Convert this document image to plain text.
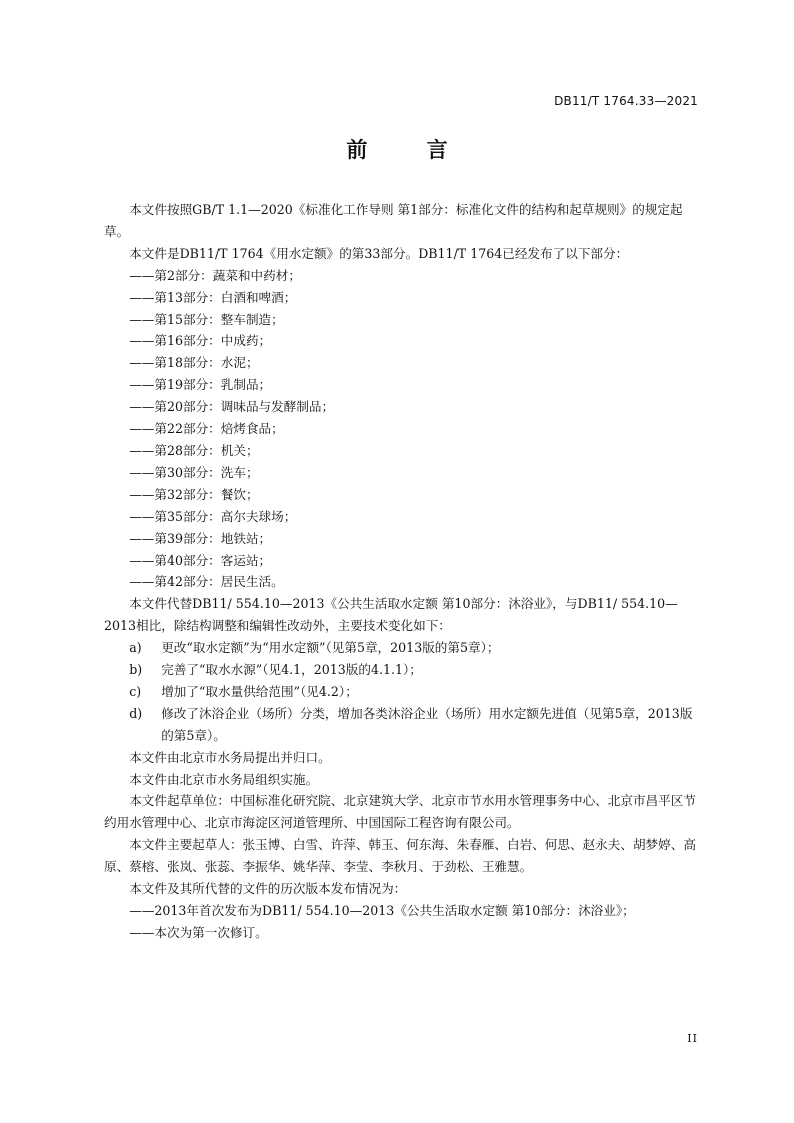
DB11/T 1764.33—2021
前 言

本文件按照GB/T 1.1—2020《标准化工作导则 第1部分：标准化文件的结构和起草规则》的规定起草。

本文件是DB11/T 1764《用水定额》的第33部分。DB11/T 1764已经发布了以下部分：

——第2部分：蔬菜和中药材；

——第13部分：白酒和啤酒；

——第15部分：整车制造；

——第16部分：中成药；

——第18部分：水泥；

——第19部分：乳制品；

——第20部分：调味品与发酵制品；

——第22部分：焙烤食品；

——第28部分：机关；

——第30部分：洗车；

——第32部分：餐饮；

——第35部分：高尔夫球场；

——第39部分：地铁站；

——第40部分：客运站；

——第42部分：居民生活。

本文件代替DB11/ 554.10—2013《公共生活取水定额 第10部分：沐浴业》，与DB11/ 554.10—2013相比，除结构调整和编辑性改动外，主要技术变化如下：

a)	更改“取水定额”为“用水定额”（见第5章，2013版的第5章）；
b)	完善了“取水水源”（见4.1，2013版的4.1.1）；
c)	增加了“取水量供给范围”（见4.2）；
d)	修改了沐浴企业（场所）分类，增加各类沐浴企业（场所）用水定额先进值（见第5章，2013版的第5章）。

本文件由北京市水务局提出并归口。

本文件由北京市水务局组织实施。

本文件起草单位：中国标准化研究院、北京建筑大学、北京市节水用水管理事务中心、北京市昌平区节约用水管理中心、北京市海淀区河道管理所、中国国际工程咨询有限公司。

本文件主要起草人：张玉博、白雪、许萍、韩玉、何东海、朱春雁、白岩、何思、赵永夫、胡梦婷、高原、蔡榕、张岚、张蕊、李振华、姚华萍、李莹、李秋月、于劲松、王雅慧。

本文件及其所代替的文件的历次版本发布情况为：

——2013年首次发布为DB11/ 554.10—2013《公共生活取水定额 第10部分：沐浴业》；

——本次为第一次修订。

II
